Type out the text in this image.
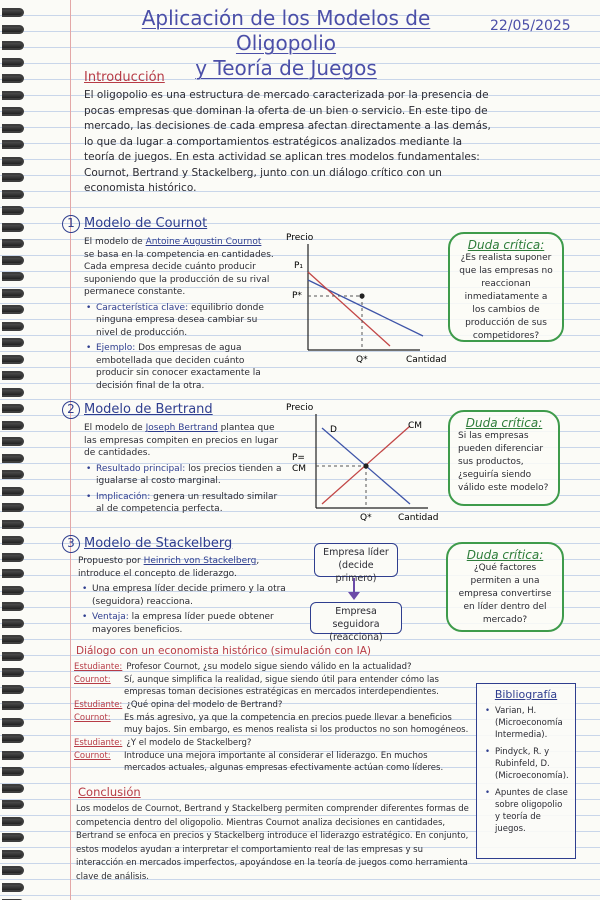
Aplicación de los Modelos de Oligopolio
y Teoría de Juegos
22/05/2025
Introducción
El oligopolio es una estructura de mercado caracterizada por la presencia de pocas empresas que dominan la oferta de un bien o servicio. En este tipo de mercado, las decisiones de cada empresa afectan directamente a las demás, lo que da lugar a comportamientos estratégicos analizados mediante la teoría de juegos. En esta actividad se aplican tres modelos fundamentales: Cournot, Bertrand y Stackelberg, junto con un diálogo crítico con un economista histórico.
1 Modelo de Cournot
El modelo de Antoine Augustin Cournot se basa en la competencia en cantidades. Cada empresa decide cuánto producir suponiendo que la producción de su rival permanece constante.
• Característica clave: equilibrio donde ninguna empresa desea cambiar su nivel de producción.
• Ejemplo: Dos empresas de agua embotellada que deciden cuánto producir sin conocer exactamente la decisión final de la otra.
Precio
P₁
P*
Q*	Cantidad
Duda crítica:
¿Es realista suponer que las empresas no reaccionan inmediatamente a los cambios de producción de sus competidores?
2 Modelo de Bertrand
El modelo de Joseph Bertrand plantea que las empresas compiten en precios en lugar de cantidades.
• Resultado principal: los precios tienden a igualarse al costo marginal.
• Implicación: genera un resultado similar al de competencia perfecta.
Precio
D	CM
P=
CM
Q*	Cantidad
Duda crítica:
Si las empresas pueden diferenciar sus productos, ¿seguiría siendo válido este modelo?
3 Modelo de Stackelberg
Propuesto por Heinrich von Stackelberg, introduce el concepto de liderazgo.
• Una empresa líder decide primero y la otra (seguidora) reacciona.
• Ventaja: la empresa líder puede obtener mayores beneficios.
Empresa líder (decide primero)
Empresa seguidora (reacciona)
Duda crítica:
¿Qué factores permiten a una empresa convertirse en líder dentro del mercado?
Diálogo con un economista histórico (simulación con IA)
Estudiante: Profesor Cournot, ¿su modelo sigue siendo válido en la actualidad?
Cournot:	Sí, aunque simplifica la realidad, sigue siendo útil para entender cómo las empresas toman decisiones estratégicas en mercados interdependientes.
Estudiante: ¿Qué opina del modelo de Bertrand?
Cournot:	Es más agresivo, ya que la competencia en precios puede llevar a beneficios muy bajos. Sin embargo, es menos realista si los productos no son homogéneos.
Estudiante: ¿Y el modelo de Stackelberg?
Cournot:	Introduce una mejora importante al considerar el liderazgo. En muchos mercados actuales, algunas empresas efectivamente actúan como líderes.
Bibliografía
• Varian, H. (Microeconomía Intermedia).
• Pindyck, R. y Rubinfeld, D. (Microeconomía).
• Apuntes de clase sobre oligopolio y teoría de juegos.
Conclusión
Los modelos de Cournot, Bertrand y Stackelberg permiten comprender diferentes formas de competencia dentro del oligopolio. Mientras Cournot analiza decisiones en cantidades, Bertrand se enfoca en precios y Stackelberg introduce el liderazgo estratégico. En conjunto, estos modelos ayudan a interpretar el comportamiento real de las empresas y su interacción en mercados imperfectos, apoyándose en la teoría de juegos como herramienta clave de análisis.
